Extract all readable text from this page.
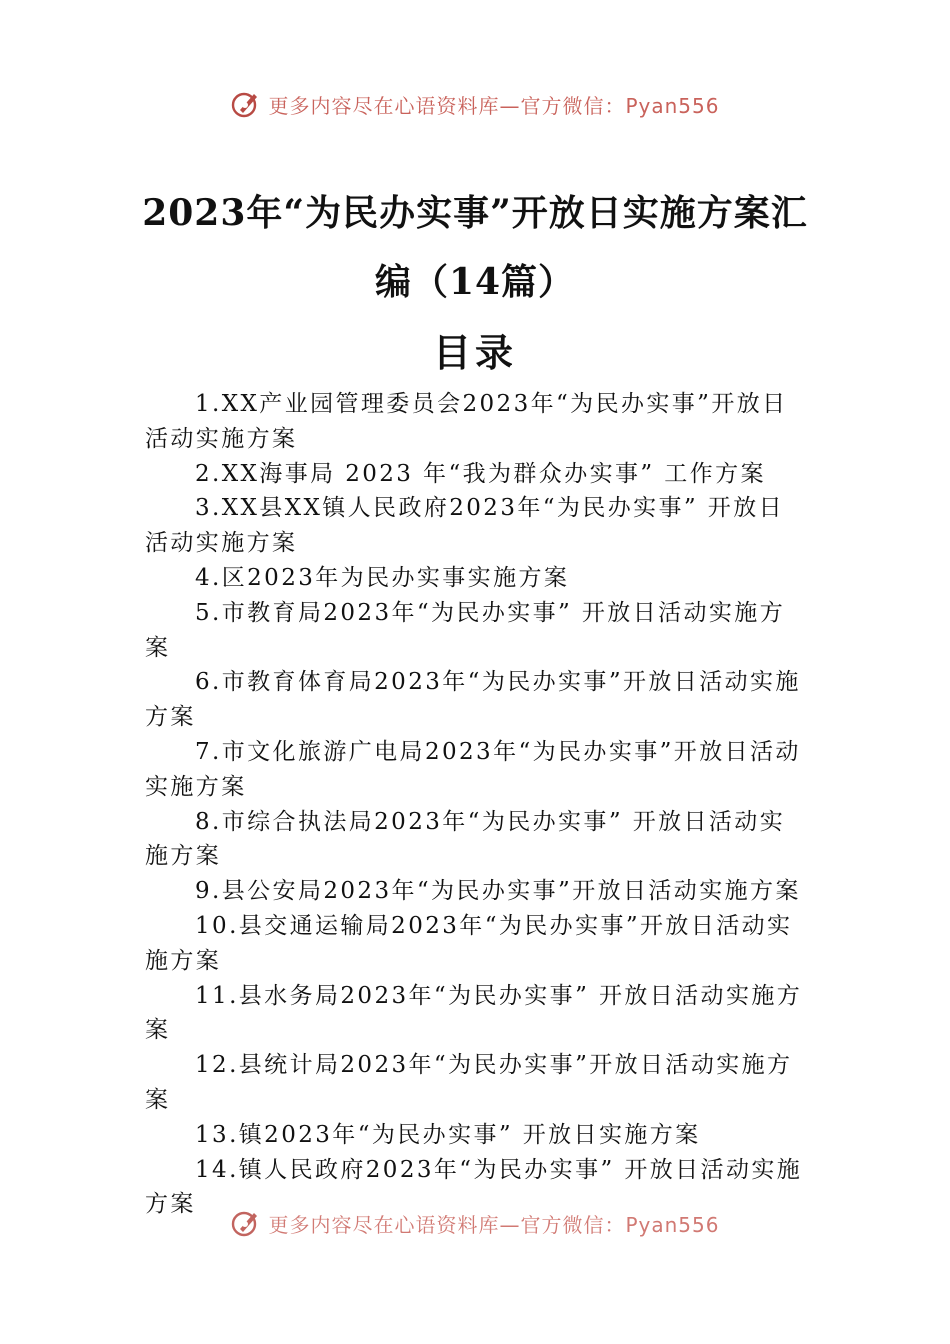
更多内容尽在心语资料库—官方微信：Pyan556
2023年“为民办实事”开放日实施方案汇
编（14篇）
目录
1.XX产业园管理委员会2023年“为民办实事”开放日活动实施方案
2.XX海事局 2023 年“我为群众办实事” 工作方案
3.XX县XX镇人民政府2023年“为民办实事” 开放日活动实施方案
4.区2023年为民办实事实施方案
5.市教育局2023年“为民办实事” 开放日活动实施方案
6.市教育体育局2023年“为民办实事”开放日活动实施方案
7.市文化旅游广电局2023年“为民办实事”开放日活动实施方案
8.市综合执法局2023年“为民办实事” 开放日活动实施方案
9.县公安局2023年“为民办实事”开放日活动实施方案
10.县交通运输局2023年“为民办实事”开放日活动实施方案
11.县水务局2023年“为民办实事” 开放日活动实施方案
12.县统计局2023年“为民办实事”开放日活动实施方案
13.镇2023年“为民办实事” 开放日实施方案
14.镇人民政府2023年“为民办实事” 开放日活动实施方案
更多内容尽在心语资料库—官方微信：Pyan556
